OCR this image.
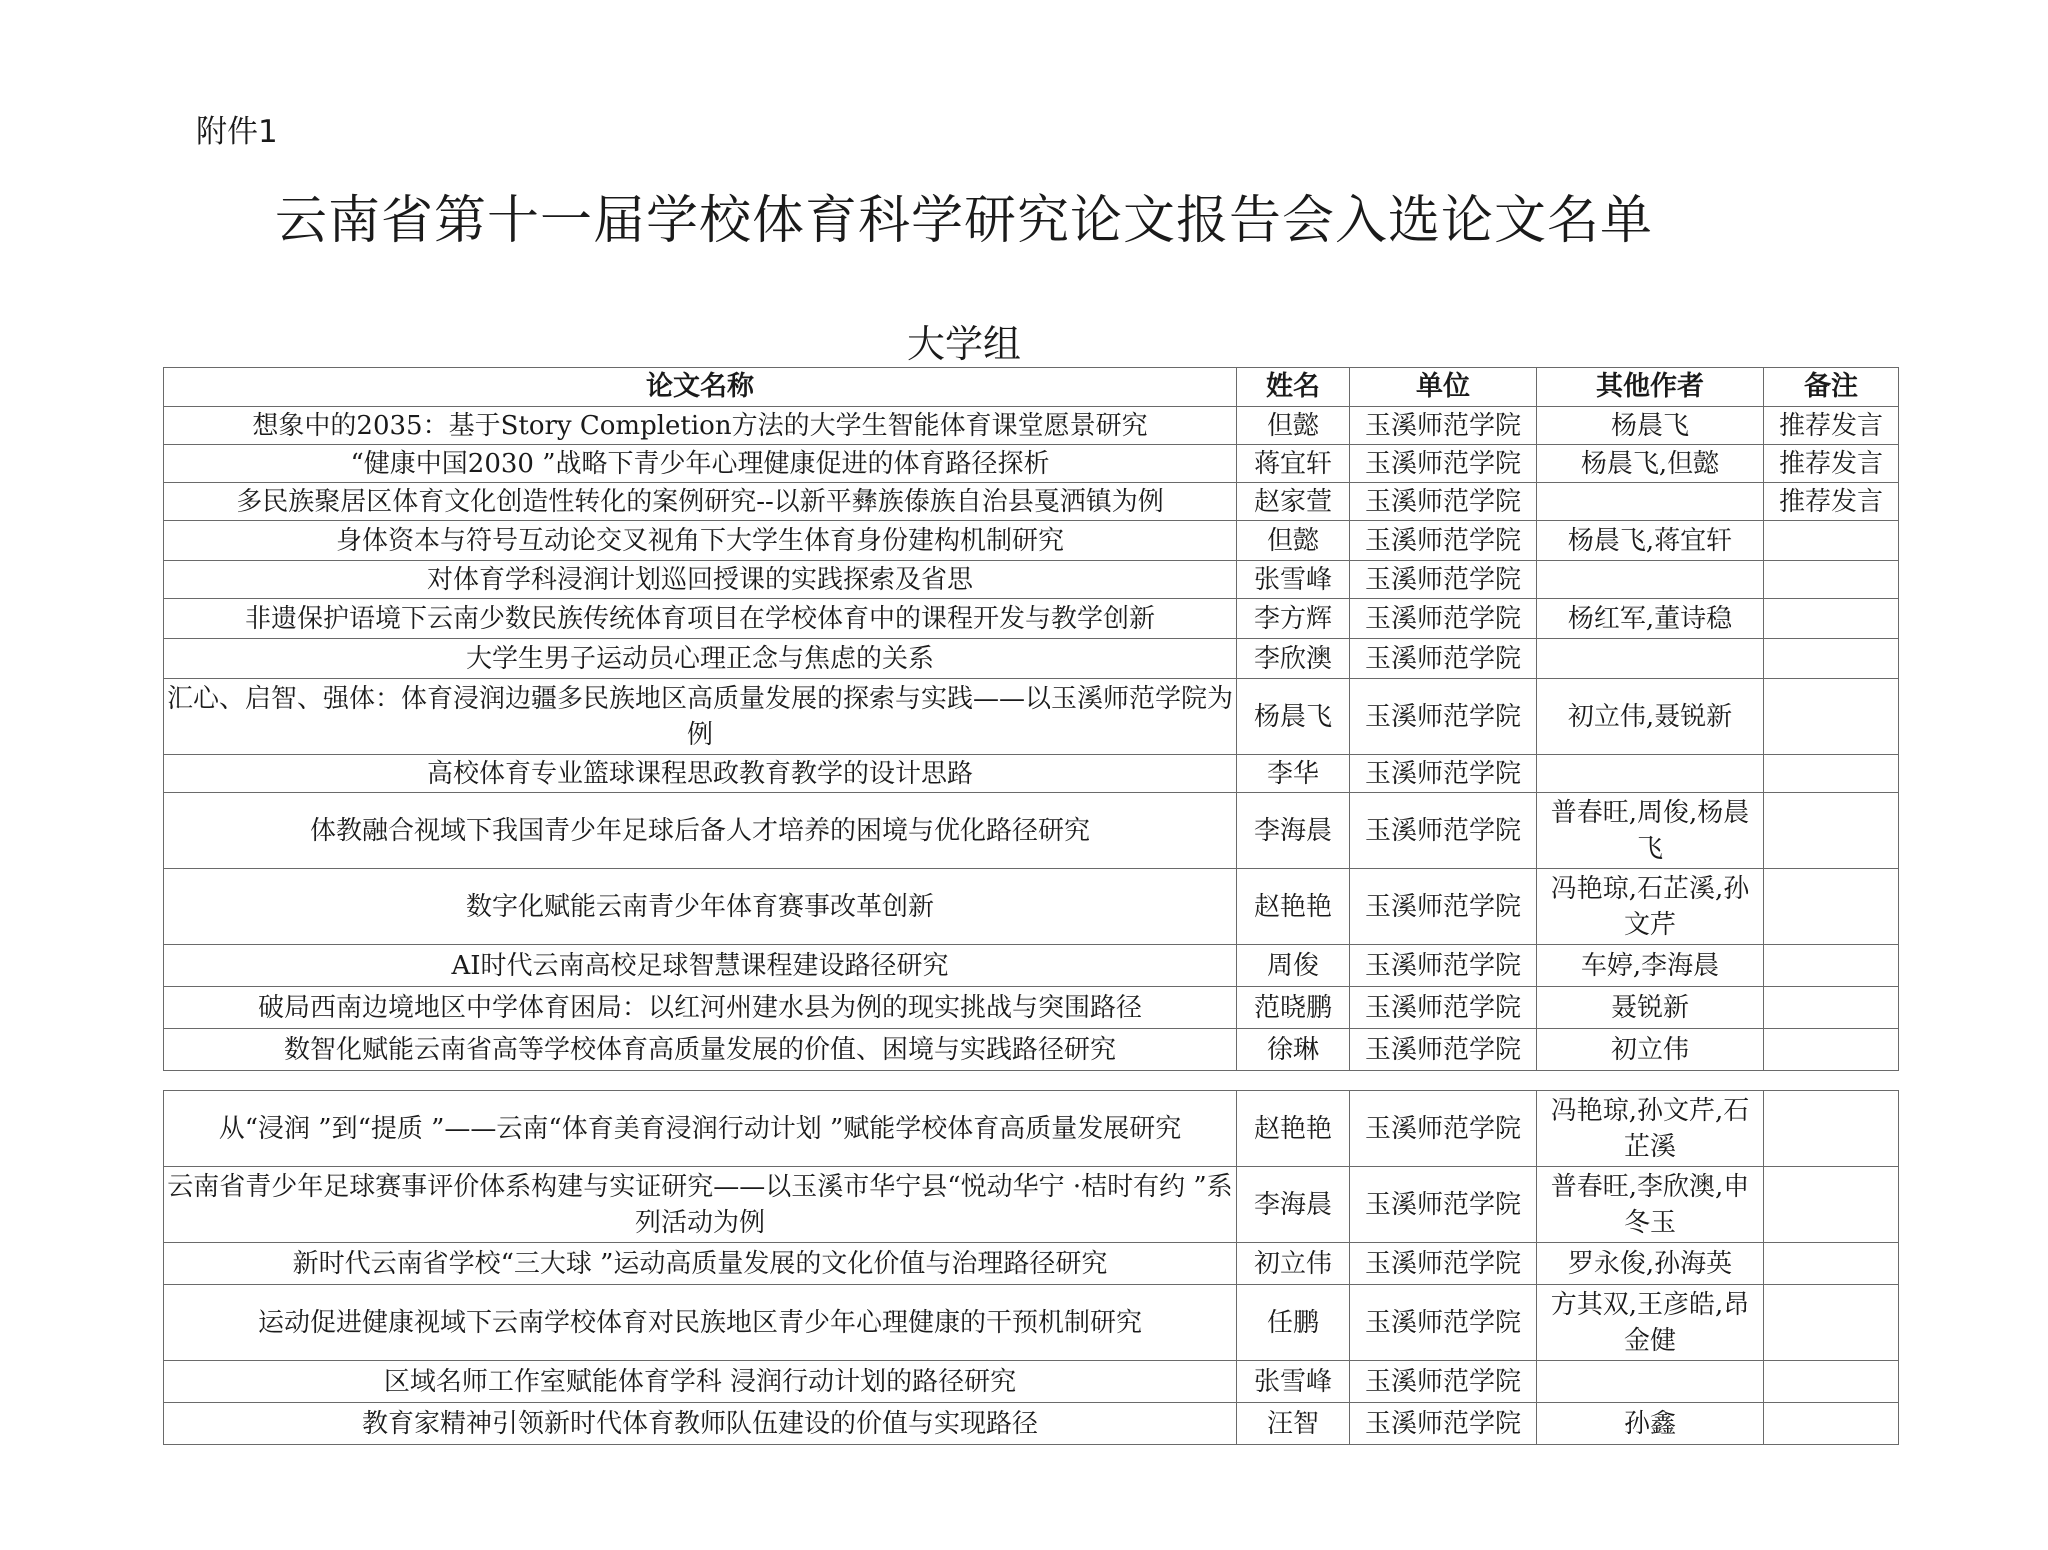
附件1
云南省第十一届学校体育科学研究论文报告会入选论文名单
大学组
论文名称	姓名	单位	其他作者	备注
想象中的2035：基于Story Completion方法的大学生智能体育课堂愿景研究	但懿	玉溪师范学院	杨晨飞	推荐发言
“健康中国2030 ”战略下青少年心理健康促进的体育路径探析	蒋宜轩	玉溪师范学院	杨晨飞,但懿	推荐发言
多民族聚居区体育文化创造性转化的案例研究--以新平彝族傣族自治县戛洒镇为例	赵家萱	玉溪师范学院		推荐发言
身体资本与符号互动论交叉视角下大学生体育身份建构机制研究	但懿	玉溪师范学院	杨晨飞,蒋宜轩	
对体育学科浸润计划巡回授课的实践探索及省思	张雪峰	玉溪师范学院		
非遗保护语境下云南少数民族传统体育项目在学校体育中的课程开发与教学创新	李方辉	玉溪师范学院	杨红军,董诗稳	
大学生男子运动员心理正念与焦虑的关系	李欣澳	玉溪师范学院		
汇心、启智、强体：体育浸润边疆多民族地区高质量发展的探索与实践——以玉溪师范学院为例	杨晨飞	玉溪师范学院	初立伟,聂锐新	
高校体育专业篮球课程思政教育教学的设计思路	李华	玉溪师范学院		
体教融合视域下我国青少年足球后备人才培养的困境与优化路径研究	李海晨	玉溪师范学院	普春旺,周俊,杨晨飞	
数字化赋能云南青少年体育赛事改革创新	赵艳艳	玉溪师范学院	冯艳琼,石芷溪,孙文芹	
AI时代云南高校足球智慧课程建设路径研究	周俊	玉溪师范学院	车婷,李海晨	
破局西南边境地区中学体育困局：以红河州建水县为例的现实挑战与突围路径	范晓鹏	玉溪师范学院	聂锐新	
数智化赋能云南省高等学校体育高质量发展的价值、困境与实践路径研究	徐琳	玉溪师范学院	初立伟	
从“浸润 ”到“提质 ”——云南“体育美育浸润行动计划 ”赋能学校体育高质量发展研究	赵艳艳	玉溪师范学院	冯艳琼,孙文芹,石芷溪	
云南省青少年足球赛事评价体系构建与实证研究——以玉溪市华宁县“悦动华宁 ·桔时有约 ”系列活动为例	李海晨	玉溪师范学院	普春旺,李欣澳,申冬玉	
新时代云南省学校“三大球 ”运动高质量发展的文化价值与治理路径研究	初立伟	玉溪师范学院	罗永俊,孙海英	
运动促进健康视域下云南学校体育对民族地区青少年心理健康的干预机制研究	任鹏	玉溪师范学院	方其双,王彦皓,昂金健	
区域名师工作室赋能体育学科 浸润行动计划的路径研究	张雪峰	玉溪师范学院		
教育家精神引领新时代体育教师队伍建设的价值与实现路径	汪智	玉溪师范学院	孙鑫	
